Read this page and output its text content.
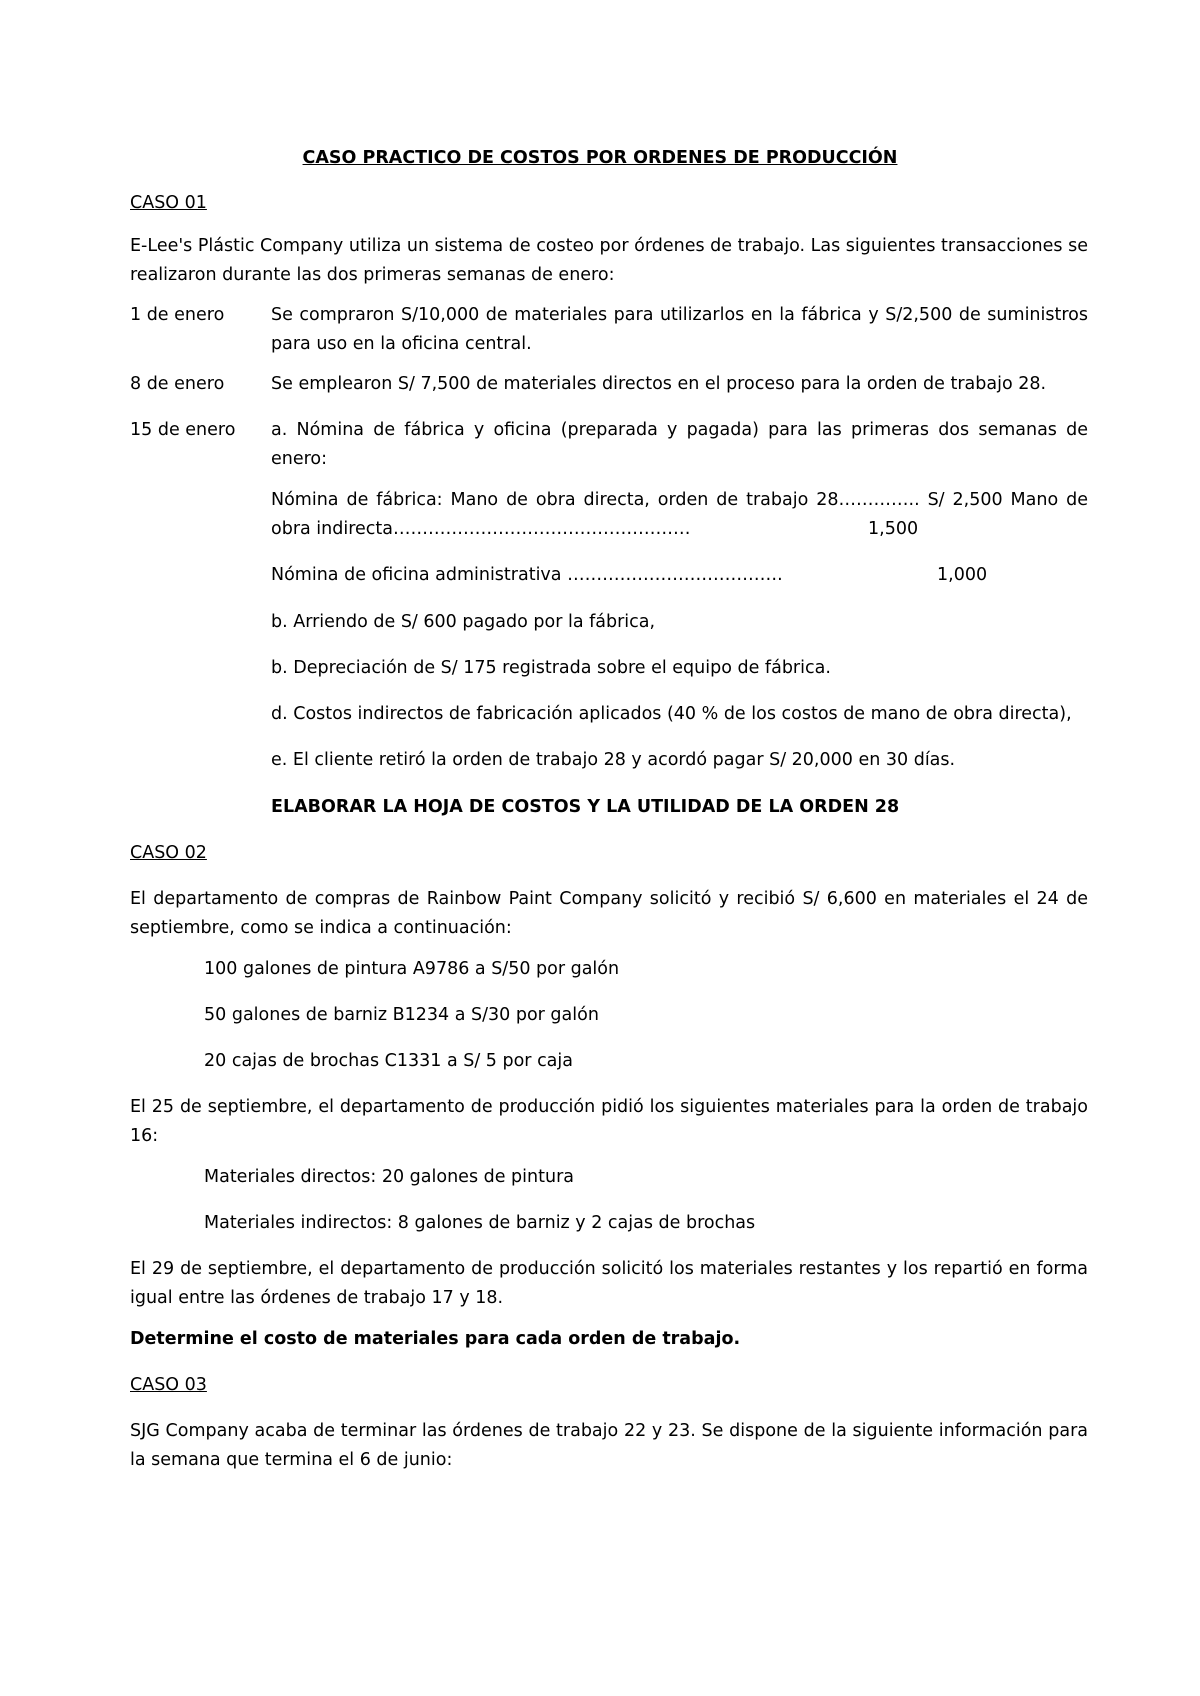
CASO PRACTICO DE COSTOS POR ORDENES DE PRODUCCIÓN
CASO 01
E-Lee's Plástic Company utiliza un sistema de costeo por órdenes de trabajo. Las siguientes transacciones se realizaron durante las dos primeras semanas de enero:
1 de enero	Se compraron S/10,000 de materiales para utilizarlos en la fábrica y S/2,500 de suministros para uso en la oficina central.
8 de enero	Se emplearon S/ 7,500 de materiales directos en el proceso para la orden de trabajo 28.
15 de enero a. Nómina de fábrica y oficina (preparada y pagada) para las primeras dos semanas de enero:
Nómina de fábrica: Mano de obra directa, orden de trabajo 28………….. S/ 2,500 Mano de obra indirecta……………………………………………	1,500
Nómina de oficina administrativa ……………………………….	1,000
b. Arriendo de S/ 600 pagado por la fábrica,
b. Depreciación de S/ 175 registrada sobre el equipo de fábrica.
d. Costos indirectos de fabricación aplicados (40 % de los costos de mano de obra directa),
e. El cliente retiró la orden de trabajo 28 y acordó pagar S/ 20,000 en 30 días.
ELABORAR LA HOJA DE COSTOS Y LA UTILIDAD DE LA ORDEN 28
CASO 02
El departamento de compras de Rainbow Paint Company solicitó y recibió S/ 6,600 en materiales el 24 de septiembre, como se indica a continuación:
100 galones de pintura A9786 a S/50 por galón
50 galones de barniz B1234 a S/30 por galón
20 cajas de brochas C1331 a S/ 5 por caja
El 25 de septiembre, el departamento de producción pidió los siguientes materiales para la orden de trabajo 16:
Materiales directos: 20 galones de pintura
Materiales indirectos: 8 galones de barniz y 2 cajas de brochas
El 29 de septiembre, el departamento de producción solicitó los materiales restantes y los repartió en forma igual entre las órdenes de trabajo 17 y 18.
Determine el costo de materiales para cada orden de trabajo.
CASO 03
SJG Company acaba de terminar las órdenes de trabajo 22 y 23. Se dispone de la siguiente información para la semana que termina el 6 de junio:
